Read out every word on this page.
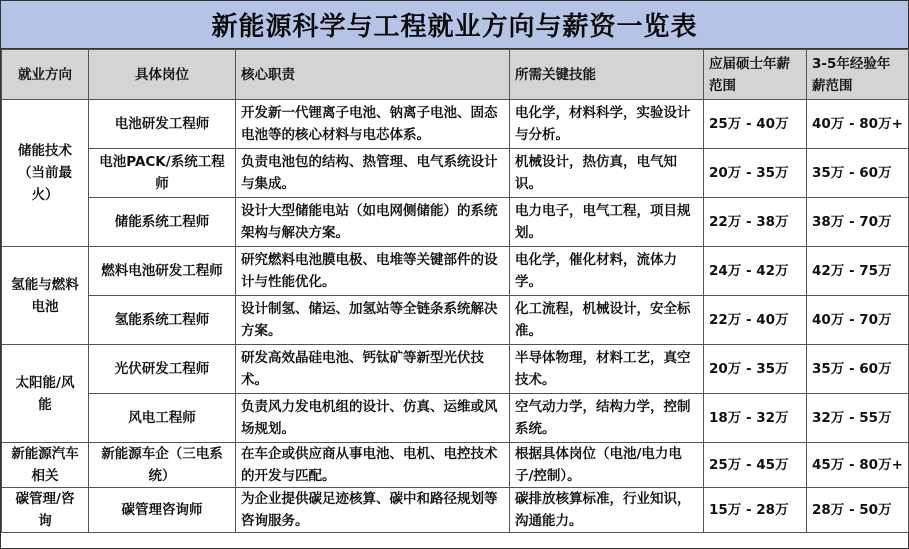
新能源科学与工程就业方向与薪资一览表
就业方向	具体岗位	核心职责	所需关键技能	应届硕士年薪范围	3-5年经验年薪范围
储能技术（当前最火）	电池研发工程师	开发新一代锂离子电池、钠离子电池、固态电池等的核心材料与电芯体系。	电化学，材料科学，实验设计与分析。	25万 - 40万	40万 - 80万+
	电池PACK/系统工程师	负责电池包的结构、热管理、电气系统设计与集成。	机械设计，热仿真，电气知识。	20万 - 35万	35万 - 60万
	储能系统工程师	设计大型储能电站（如电网侧储能）的系统架构与解决方案。	电力电子，电气工程，项目规划。	22万 - 38万	38万 - 70万
氢能与燃料电池	燃料电池研发工程师	研究燃料电池膜电极、电堆等关键部件的设计与性能优化。	电化学，催化材料，流体力学。	24万 - 42万	42万 - 75万
	氢能系统工程师	设计制氢、储运、加氢站等全链条系统解决方案。	化工流程，机械设计，安全标准。	22万 - 40万	40万 - 70万
太阳能/风能	光伏研发工程师	研发高效晶硅电池、钙钛矿等新型光伏技术。	半导体物理，材料工艺，真空技术。	20万 - 35万	35万 - 60万
	风电工程师	负责风力发电机组的设计、仿真、运维或风场规划。	空气动力学，结构力学，控制系统。	18万 - 32万	32万 - 55万
新能源汽车相关	新能源车企（三电系统）	在车企或供应商从事电池、电机、电控技术的开发与匹配。	根据具体岗位（电池/电力电子/控制）。	25万 - 45万	45万 - 80万+
碳管理/咨询	碳管理咨询师	为企业提供碳足迹核算、碳中和路径规划等咨询服务。	碳排放核算标准，行业知识，沟通能力。	15万 - 28万	28万 - 50万
